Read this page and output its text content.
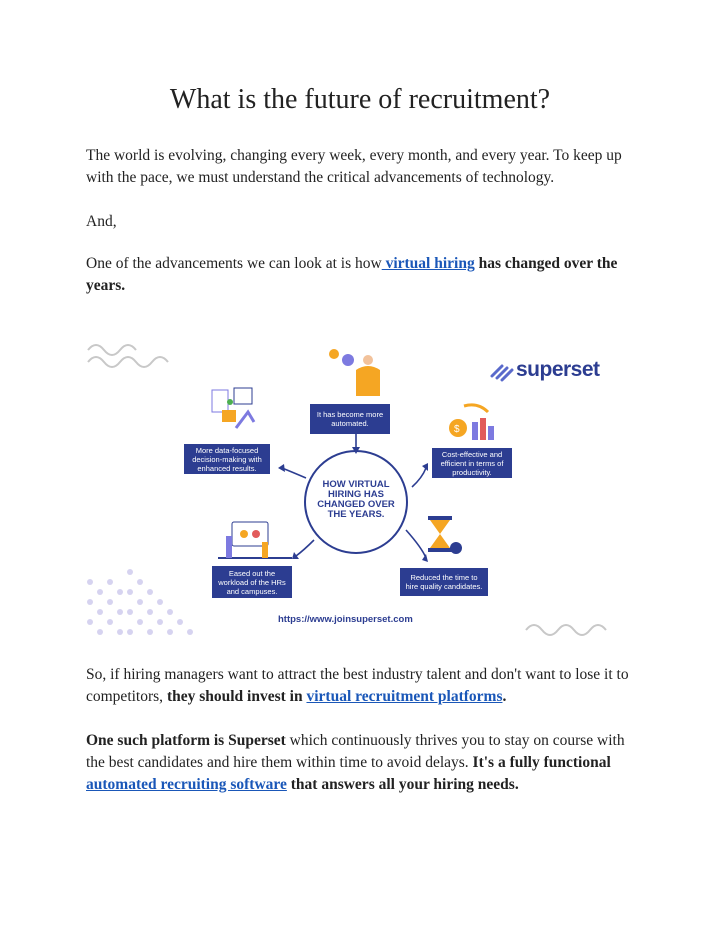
What is the future of recruitment?

The world is evolving, changing every week, every month, and every year. To keep up with the pace, we must understand the critical advancements of technology.

And,

One of the advancements we can look at is how virtual hiring has changed over the years.

$
superset
It has become more automated.
Cost-effective and efficient in terms of productivity.
Reduced the time to hire quality candidates.
Eased out the workload of the HRs and campuses.
More data-focused decision-making with enhanced results.
HOW VIRTUAL HIRING HAS CHANGED OVER THE YEARS.
https://www.joinsuperset.com

So, if hiring managers want to attract the best industry talent and don't want to lose it to competitors, they should invest in virtual recruitment platforms.

One such platform is Superset which continuously thrives you to stay on course with the best candidates and hire them within time to avoid delays. It's a fully functional automated recruiting software that answers all your hiring needs.
